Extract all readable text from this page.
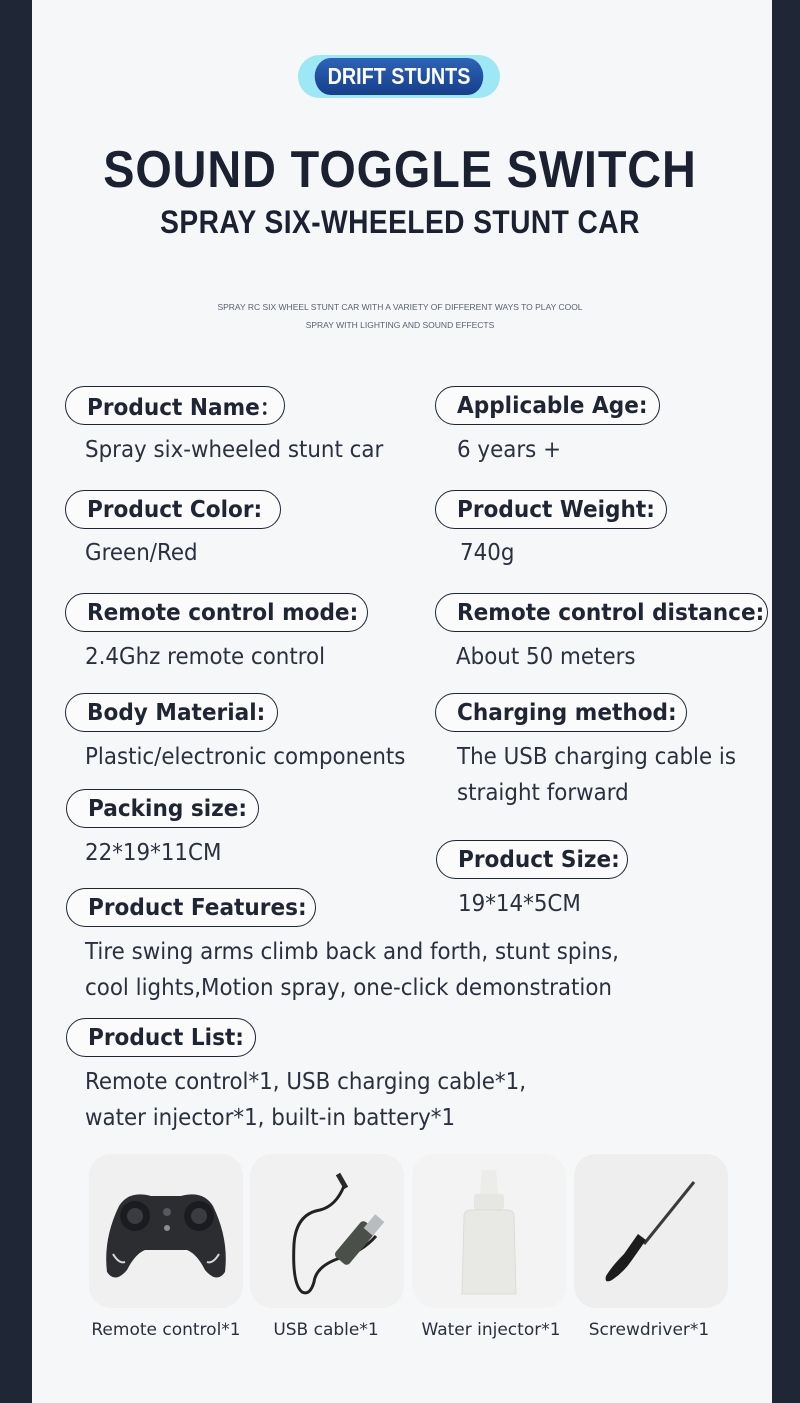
DRIFT STUNTS
SOUND TOGGLE SWITCH
SPRAY SIX-WHEELED STUNT CAR
SPRAY RC SIX WHEEL STUNT CAR WITH A VARIETY OF DIFFERENT WAYS TO PLAY COOL
SPRAY WITH LIGHTING AND SOUND EFFECTS
Product Name：
Spray six-wheeled stunt car
Product Color:
Green/Red
Remote control mode:
2.4Ghz remote control
Body Material:
Plastic/electronic components
Packing size:
22*19*11CM
Product Features:
Tire swing arms climb back and forth, stunt spins,
cool lights,Motion spray, one-click demonstration
Product List:
Remote control*1, USB charging cable*1,
water injector*1, built-in battery*1
Applicable Age:
6 years +
Product Weight:
740g
Remote control distance:
About 50 meters
Charging method:
The USB charging cable is
straight forward
Product Size:
19*14*5CM
Remote control*1	USB cable*1	Water injector*1	Screwdriver*1
